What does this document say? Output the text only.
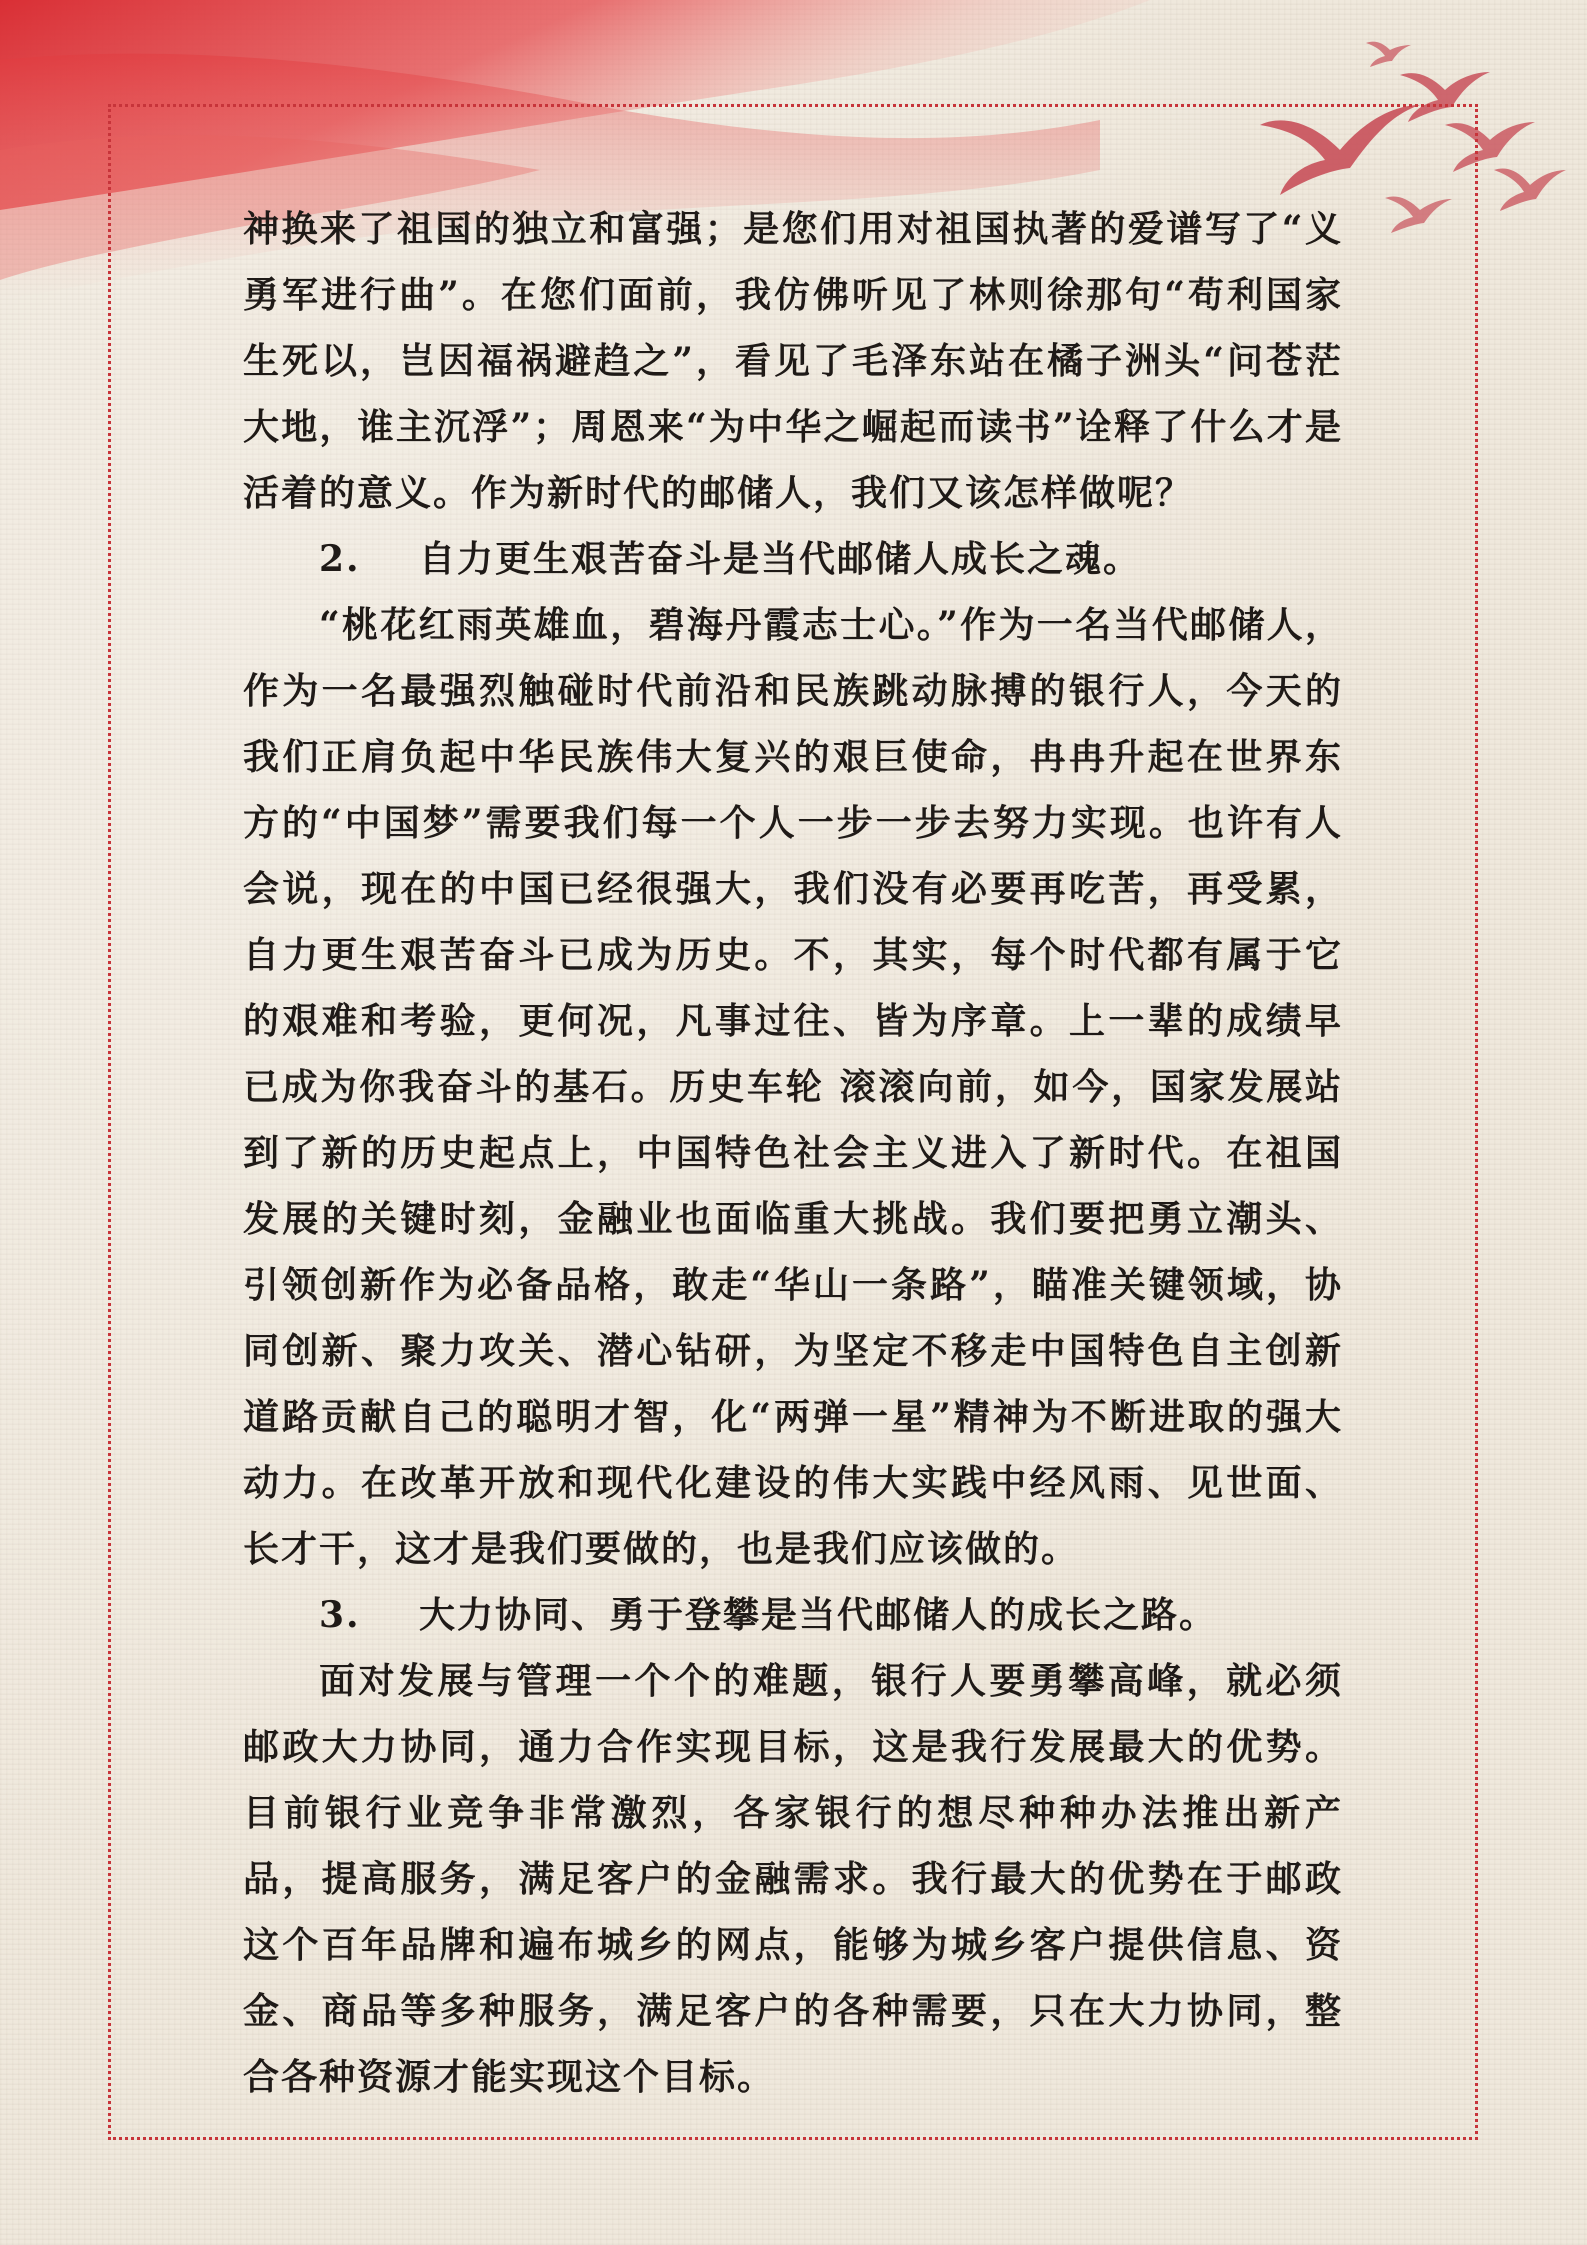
神换来了祖国的独立和富强；是您们用对祖国执著的爱谱写了“义勇军进行曲”。在您们面前，我仿佛听见了林则徐那句“苟利国家生死以，岂因福祸避趋之”，看见了毛泽东站在橘子洲头“问苍茫大地，谁主沉浮”；周恩来“为中华之崛起而读书”诠释了什么才是活着的意义。作为新时代的邮储人，我们又该怎样做呢？

2. 自力更生艰苦奋斗是当代邮储人成长之魂。

“桃花红雨英雄血，碧海丹霞志士心。”作为一名当代邮储人，作为一名最强烈触碰时代前沿和民族跳动脉搏的银行人，今天的我们正肩负起中华民族伟大复兴的艰巨使命，冉冉升起在世界东方的“中国梦”需要我们每一个人一步一步去努力实现。也许有人会说，现在的中国已经很强大，我们没有必要再吃苦，再受累，自力更生艰苦奋斗已成为历史。不，其实，每个时代都有属于它的艰难和考验，更何况，凡事过往、皆为序章。上一辈的成绩早已成为你我奋斗的基石。历史车轮 滚滚向前，如今，国家发展站到了新的历史起点上，中国特色社会主义进入了新时代。在祖国发展的关键时刻，金融业也面临重大挑战。我们要把勇立潮头、引领创新作为必备品格，敢走“华山一条路”，瞄准关键领域，协同创新、聚力攻关、潜心钻研，为坚定不移走中国特色自主创新道路贡献自己的聪明才智，化“两弹一星”精神为不断进取的强大动力。在改革开放和现代化建设的伟大实践中经风雨、见世面、长才干，这才是我们要做的，也是我们应该做的。

3. 大力协同、勇于登攀是当代邮储人的成长之路。

面对发展与管理一个个的难题，银行人要勇攀高峰，就必须邮政大力协同，通力合作实现目标，这是我行发展最大的优势。目前银行业竞争非常激烈，各家银行的想尽种种办法推出新产品，提高服务，满足客户的金融需求。我行最大的优势在于邮政这个百年品牌和遍布城乡的网点，能够为城乡客户提供信息、资金、商品等多种服务，满足客户的各种需要，只在大力协同，整合各种资源才能实现这个目标。
